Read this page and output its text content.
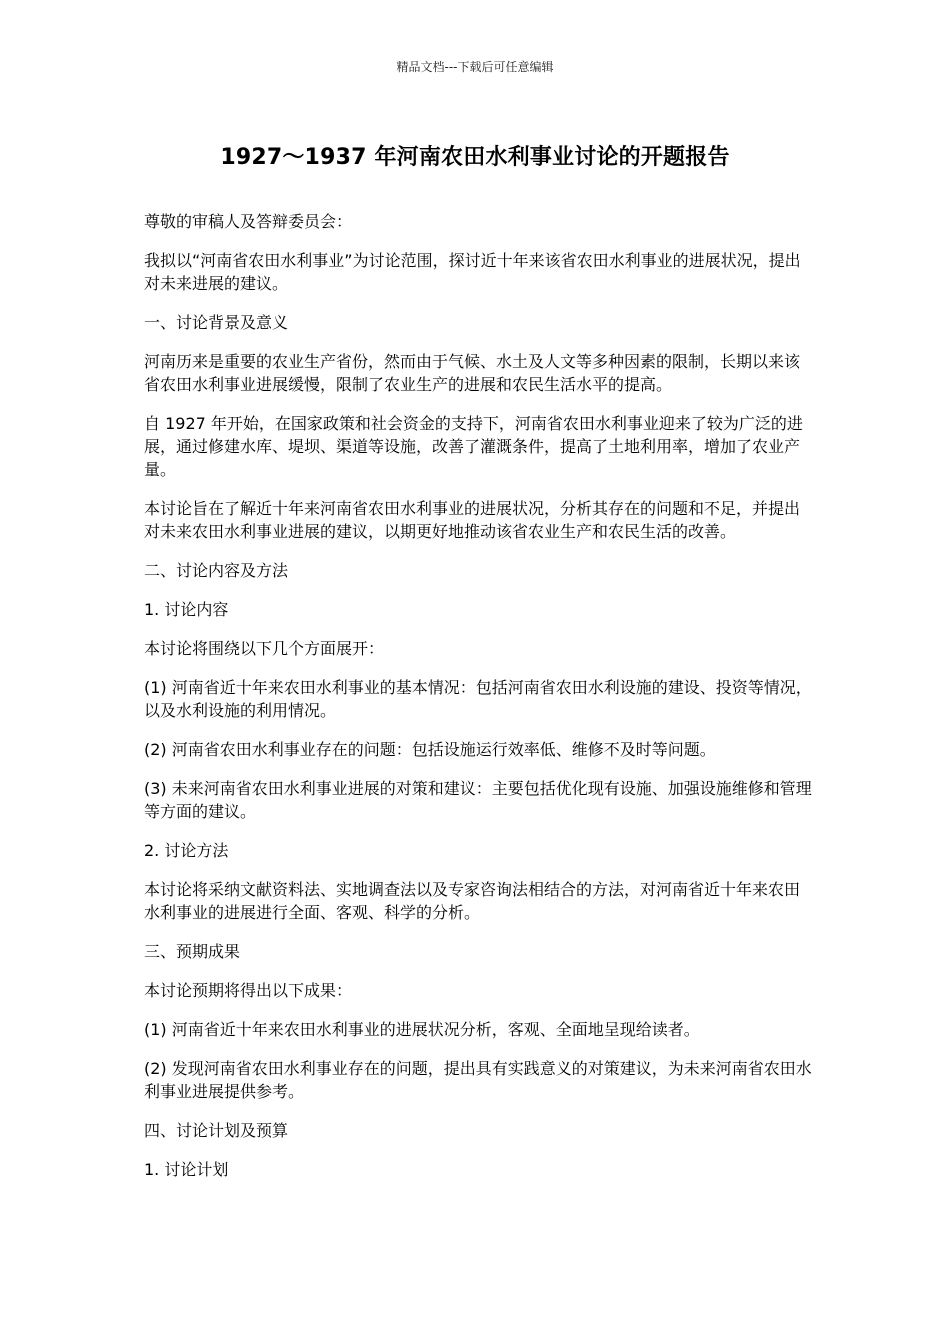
精品文档---下载后可任意编辑
1927～1937 年河南农田水利事业讨论的开题报告

尊敬的审稿人及答辩委员会：

我拟以“河南省农田水利事业”为讨论范围，探讨近十年来该省农田水利事业的进展状况，提出对未来进展的建议。

一、讨论背景及意义

河南历来是重要的农业生产省份，然而由于气候、水土及人文等多种因素的限制，长期以来该省农田水利事业进展缓慢，限制了农业生产的进展和农民生活水平的提高。

自 1927 年开始，在国家政策和社会资金的支持下，河南省农田水利事业迎来了较为广泛的进展，通过修建水库、堤坝、渠道等设施，改善了灌溉条件，提高了土地利用率，增加了农业产量。

本讨论旨在了解近十年来河南省农田水利事业的进展状况，分析其存在的问题和不足，并提出对未来农田水利事业进展的建议，以期更好地推动该省农业生产和农民生活的改善。

二、讨论内容及方法

1. 讨论内容

本讨论将围绕以下几个方面展开：

(1) 河南省近十年来农田水利事业的基本情况：包括河南省农田水利设施的建设、投资等情况，以及水利设施的利用情况。

(2) 河南省农田水利事业存在的问题：包括设施运行效率低、维修不及时等问题。

(3) 未来河南省农田水利事业进展的对策和建议：主要包括优化现有设施、加强设施维修和管理等方面的建议。

2. 讨论方法

本讨论将采纳文献资料法、实地调查法以及专家咨询法相结合的方法，对河南省近十年来农田水利事业的进展进行全面、客观、科学的分析。

三、预期成果

本讨论预期将得出以下成果：

(1) 河南省近十年来农田水利事业的进展状况分析，客观、全面地呈现给读者。

(2) 发现河南省农田水利事业存在的问题，提出具有实践意义的对策建议，为未来河南省农田水利事业进展提供参考。

四、讨论计划及预算

1. 讨论计划
